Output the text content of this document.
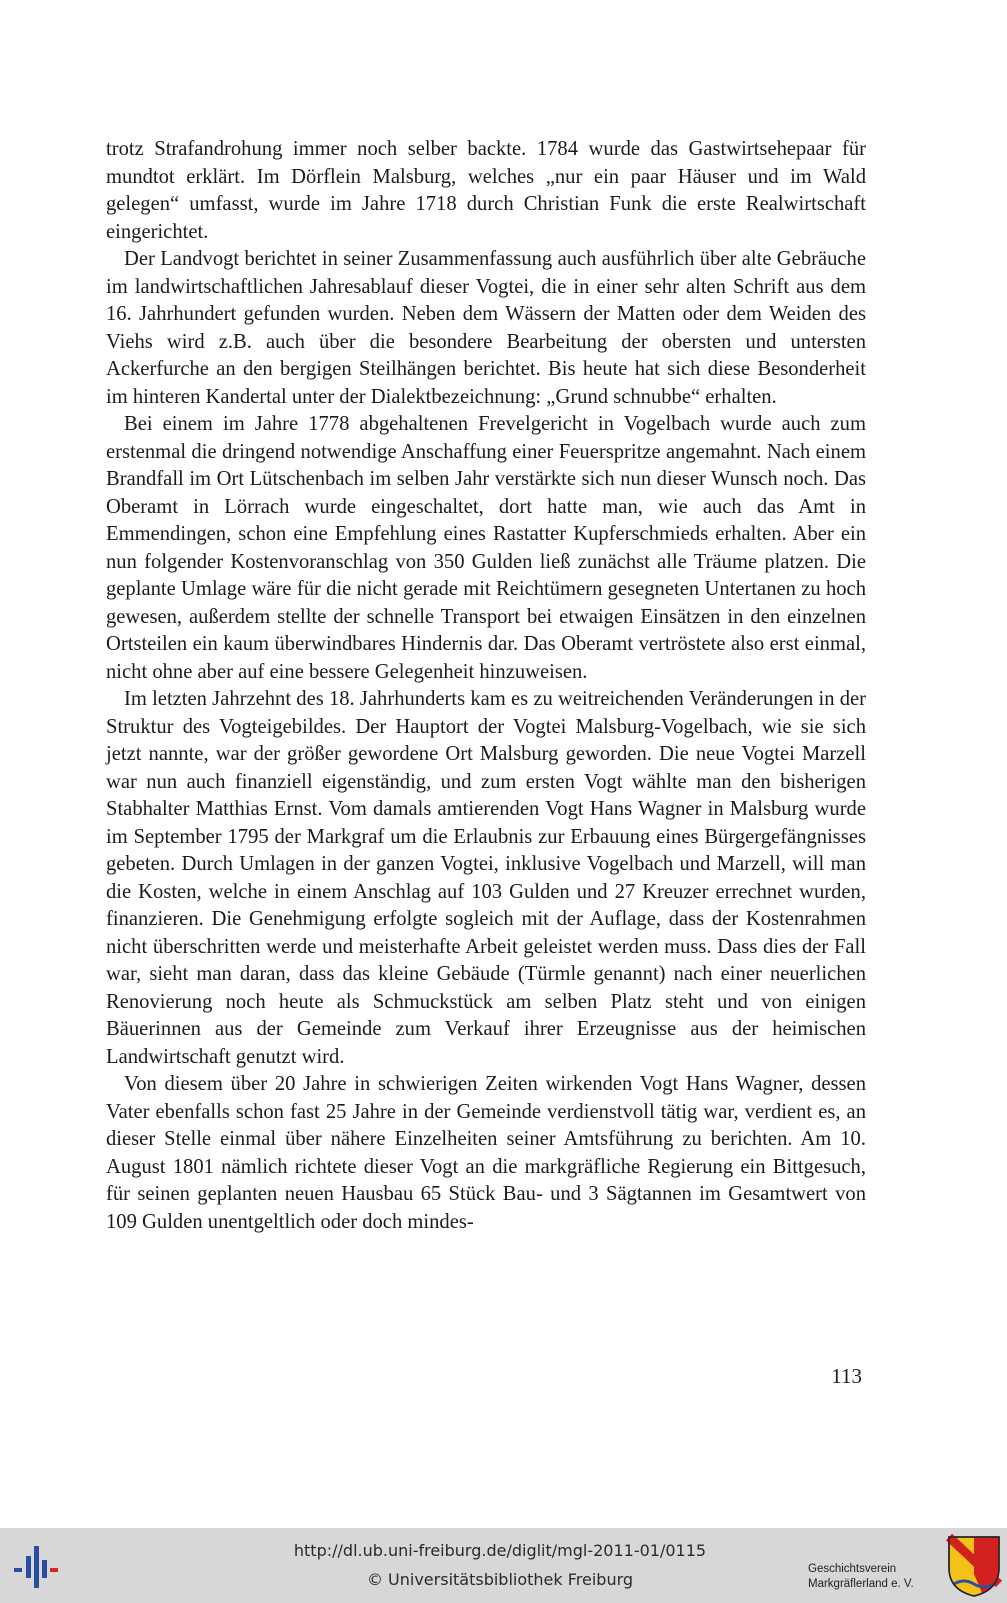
trotz Strafandrohung immer noch selber backte. 1784 wurde das Gastwirtsehepaar für mundtot erklärt. Im Dörflein Malsburg, welches „nur ein paar Häuser und im Wald gelegen“ umfasst, wurde im Jahre 1718 durch Christian Funk die erste Realwirtschaft eingerichtet.

Der Landvogt berichtet in seiner Zusammenfassung auch ausführlich über alte Gebräuche im landwirtschaftlichen Jahresablauf dieser Vogtei, die in einer sehr alten Schrift aus dem 16. Jahrhundert gefunden wurden. Neben dem Wässern der Matten oder dem Weiden des Viehs wird z.B. auch über die besondere Bearbeitung der obersten und untersten Ackerfurche an den bergigen Steilhängen berichtet. Bis heute hat sich diese Besonderheit im hinteren Kandertal unter der Dialektbezeichnung: „Grund schnubbe“ erhalten.

Bei einem im Jahre 1778 abgehaltenen Frevelgericht in Vogelbach wurde auch zum erstenmal die dringend notwendige Anschaffung einer Feuerspritze angemahnt. Nach einem Brandfall im Ort Lütschenbach im selben Jahr verstärkte sich nun dieser Wunsch noch. Das Oberamt in Lörrach wurde eingeschaltet, dort hatte man, wie auch das Amt in Emmendingen, schon eine Empfehlung eines Rastatter Kupferschmieds erhalten. Aber ein nun folgender Kostenvoranschlag von 350 Gulden ließ zunächst alle Träume platzen. Die geplante Umlage wäre für die nicht gerade mit Reichtümern gesegneten Untertanen zu hoch gewesen, außerdem stellte der schnelle Transport bei etwaigen Einsätzen in den einzelnen Ortsteilen ein kaum überwindbares Hindernis dar. Das Oberamt vertröstete also erst einmal, nicht ohne aber auf eine bessere Gelegenheit hinzuweisen.

Im letzten Jahrzehnt des 18. Jahrhunderts kam es zu weitreichenden Veränderungen in der Struktur des Vogteigebildes. Der Hauptort der Vogtei Malsburg-Vogelbach, wie sie sich jetzt nannte, war der größer gewordene Ort Malsburg geworden. Die neue Vogtei Marzell war nun auch finanziell eigenständig, und zum ersten Vogt wählte man den bisherigen Stabhalter Matthias Ernst. Vom damals amtierenden Vogt Hans Wagner in Malsburg wurde im September 1795 der Markgraf um die Erlaubnis zur Erbauung eines Bürgergefängnisses gebeten. Durch Umlagen in der ganzen Vogtei, inklusive Vogelbach und Marzell, will man die Kosten, welche in einem Anschlag auf 103 Gulden und 27 Kreuzer errechnet wurden, finanzieren. Die Genehmigung erfolgte sogleich mit der Auflage, dass der Kostenrahmen nicht überschritten werde und meisterhafte Arbeit geleistet werden muss. Dass dies der Fall war, sieht man daran, dass das kleine Gebäude (Türmle genannt) nach einer neuerlichen Renovierung noch heute als Schmuckstück am selben Platz steht und von einigen Bäuerinnen aus der Gemeinde zum Verkauf ihrer Erzeugnisse aus der heimischen Landwirtschaft genutzt wird.

Von diesem über 20 Jahre in schwierigen Zeiten wirkenden Vogt Hans Wagner, dessen Vater ebenfalls schon fast 25 Jahre in der Gemeinde verdienstvoll tätig war, verdient es, an dieser Stelle einmal über nähere Einzelheiten seiner Amtsführung zu berichten. Am 10. August 1801 nämlich richtete dieser Vogt an die markgräfliche Regierung ein Bittgesuch, für seinen geplanten neuen Hausbau 65 Stück Bau- und 3 Sägtannen im Gesamtwert von 109 Gulden unentgeltlich oder doch mindes-

113
http://dl.ub.uni-freiburg.de/diglit/mgl-2011-01/0115
© Universitätsbibliothek Freiburg
Geschichtsverein
Markgräflerland e. V.
